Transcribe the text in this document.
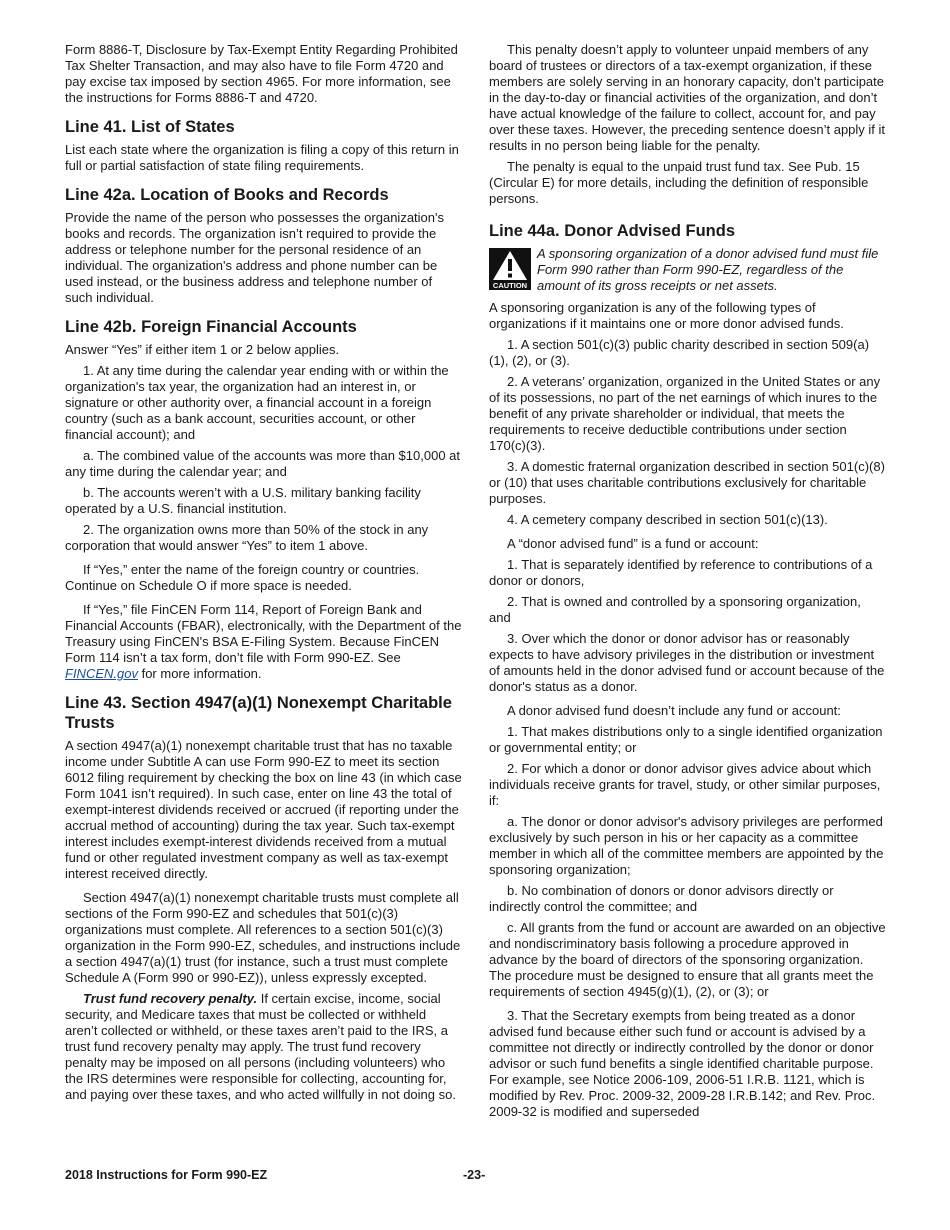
Form 8886-T, Disclosure by Tax-Exempt Entity Regarding Prohibited Tax Shelter Transaction, and may also have to file Form 4720 and pay excise tax imposed by section 4965. For more information, see the instructions for Forms 8886-T and 4720.

Line 41. List of States

List each state where the organization is filing a copy of this return in full or partial satisfaction of state filing requirements.

Line 42a. Location of Books and Records

Provide the name of the person who possesses the organization's books and records. The organization isn’t required to provide the address or telephone number for the personal residence of an individual. The organization's address and phone number can be used instead, or the business address and telephone number of such individual.

Line 42b. Foreign Financial Accounts

Answer “Yes” if either item 1 or 2 below applies.

1. At any time during the calendar year ending with or within the organization's tax year, the organization had an interest in, or signature or other authority over, a financial account in a foreign country (such as a bank account, securities account, or other financial account); and

a. The combined value of the accounts was more than $10,000 at any time during the calendar year; and

b. The accounts weren’t with a U.S. military banking facility operated by a U.S. financial institution.

2. The organization owns more than 50% of the stock in any corporation that would answer “Yes” to item 1 above.

If “Yes,” enter the name of the foreign country or countries. Continue on Schedule O if more space is needed.

If “Yes,” file FinCEN Form 114, Report of Foreign Bank and Financial Accounts (FBAR), electronically, with the Department of the Treasury using FinCEN's BSA E-Filing System. Because FinCEN Form 114 isn’t a tax form, don’t file with Form 990-EZ. See FINCEN.gov for more information.

Line 43. Section 4947(a)(1) Nonexempt Charitable Trusts

A section 4947(a)(1) nonexempt charitable trust that has no taxable income under Subtitle A can use Form 990-EZ to meet its section 6012 filing requirement by checking the box on line 43 (in which case Form 1041 isn’t required). In such case, enter on line 43 the total of exempt-interest dividends received or accrued (if reporting under the accrual method of accounting) during the tax year. Such tax-exempt interest includes exempt-interest dividends received from a mutual fund or other regulated investment company as well as tax-exempt interest received directly.

Section 4947(a)(1) nonexempt charitable trusts must complete all sections of the Form 990-EZ and schedules that 501(c)(3) organizations must complete. All references to a section 501(c)(3) organization in the Form 990-EZ, schedules, and instructions include a section 4947(a)(1) trust (for instance, such a trust must complete Schedule A (Form 990 or 990-EZ)), unless expressly excepted.

Trust fund recovery penalty. If certain excise, income, social security, and Medicare taxes that must be collected or withheld aren’t collected or withheld, or these taxes aren’t paid to the IRS, a trust fund recovery penalty may apply. The trust fund recovery penalty may be imposed on all persons (including volunteers) who the IRS determines were responsible for collecting, accounting for, and paying over these taxes, and who acted willfully in not doing so.

This penalty doesn’t apply to volunteer unpaid members of any board of trustees or directors of a tax-exempt organization, if these members are solely serving in an honorary capacity, don’t participate in the day-to-day or financial activities of the organization, and don’t have actual knowledge of the failure to collect, account for, and pay over these taxes. However, the preceding sentence doesn’t apply if it results in no person being liable for the penalty.

The penalty is equal to the unpaid trust fund tax. See Pub. 15 (Circular E) for more details, including the definition of responsible persons.

Line 44a. Donor Advised Funds
CAUTION
A sponsoring organization of a donor advised fund must file Form 990 rather than Form 990-EZ, regardless of the amount of its gross receipts or net assets.

A sponsoring organization is any of the following types of organizations if it maintains one or more donor advised funds.

1. A section 501(c)(3) public charity described in section 509(a)(1), (2), or (3).

2. A veterans’ organization, organized in the United States or any of its possessions, no part of the net earnings of which inures to the benefit of any private shareholder or individual, that meets the requirements to receive deductible contributions under section 170(c)(3).

3. A domestic fraternal organization described in section 501(c)(8) or (10) that uses charitable contributions exclusively for charitable purposes.

4. A cemetery company described in section 501(c)(13).

A “donor advised fund” is a fund or account:

1. That is separately identified by reference to contributions of a donor or donors,

2. That is owned and controlled by a sponsoring organization, and

3. Over which the donor or donor advisor has or reasonably expects to have advisory privileges in the distribution or investment of amounts held in the donor advised fund or account because of the donor's status as a donor.

A donor advised fund doesn’t include any fund or account:

1. That makes distributions only to a single identified organization or governmental entity; or

2. For which a donor or donor advisor gives advice about which individuals receive grants for travel, study, or other similar purposes, if:

a. The donor or donor advisor's advisory privileges are performed exclusively by such person in his or her capacity as a committee member in which all of the committee members are appointed by the sponsoring organization;

b. No combination of donors or donor advisors directly or indirectly control the committee; and

c. All grants from the fund or account are awarded on an objective and nondiscriminatory basis following a procedure approved in advance by the board of directors of the sponsoring organization. The procedure must be designed to ensure that all grants meet the requirements of section 4945(g)(1), (2), or (3); or

3. That the Secretary exempts from being treated as a donor advised fund because either such fund or account is advised by a committee not directly or indirectly controlled by the donor or donor advisor or such fund benefits a single identified charitable purpose. For example, see Notice 2006-109, 2006-51 I.R.B. 1121, which is modified by Rev. Proc. 2009-32, 2009-28 I.R.B.142; and Rev. Proc. 2009-32 is modified and superseded

2018 Instructions for Form 990-EZ	-23-
